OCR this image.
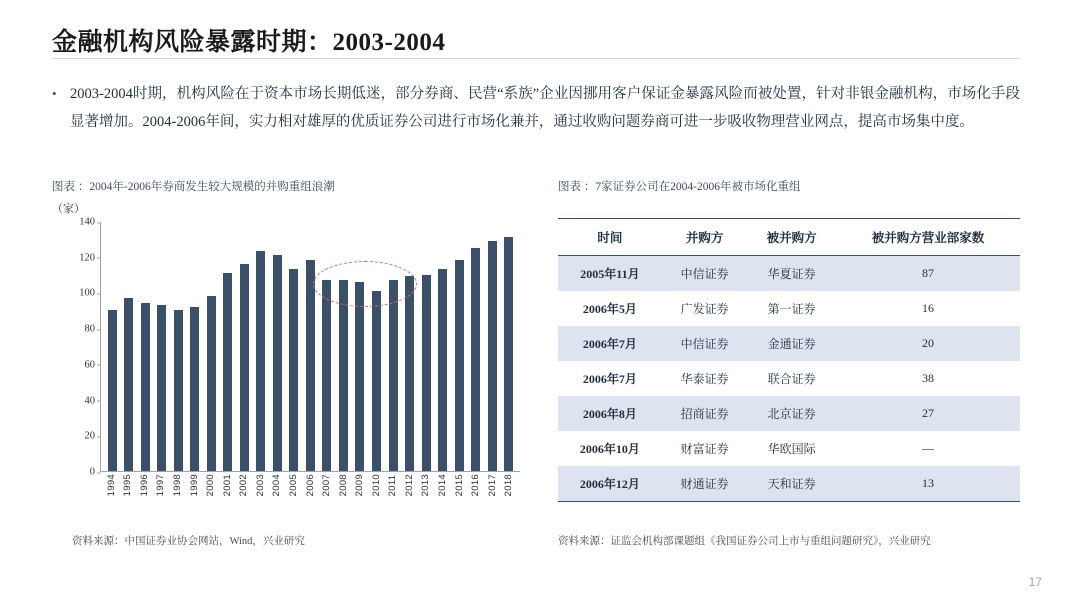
金融机构风险暴露时期：2003-2004
• 2003-2004时期，机构风险在于资本市场长期低迷，部分券商、民营“系族”企业因挪用客户保证金暴露风险而被处置，针对非银金融机构，市场化手段显著增加。2004-2006年间，实力相对雄厚的优质证券公司进行市场化兼并，通过收购问题券商可进一步吸收物理营业网点，提高市场集中度。
图表 ：2004年-2006年券商发生较大规模的并购重组浪潮	图表 ：7家证券公司在2004-2006年被市场化重组
（家）
0
20
40
60
80
100
120
140
1994 1995 1996 1997 1998 1999 2000 2001 2002 2003 2004 2005 2006 2007 2008 2009 2010 2011 2012 2013 2014 2015 2016 2017 2018
资料来源：中国证券业协会网站，Wind，兴业研究
时间	并购方	被并购方	被并购方营业部家数
2005年11月	中信证券	华夏证券	87
2006年5月	广发证券	第一证券	16
2006年7月	中信证券	金通证券	20
2006年7月	华泰证券	联合证券	38
2006年8月	招商证券	北京证券	27
2006年10月	财富证券	华欧国际	—
2006年12月	财通证券	天和证券	13
资料来源：证监会机构部课题组《我国证券公司上市与重组问题研究》，兴业研究
17
